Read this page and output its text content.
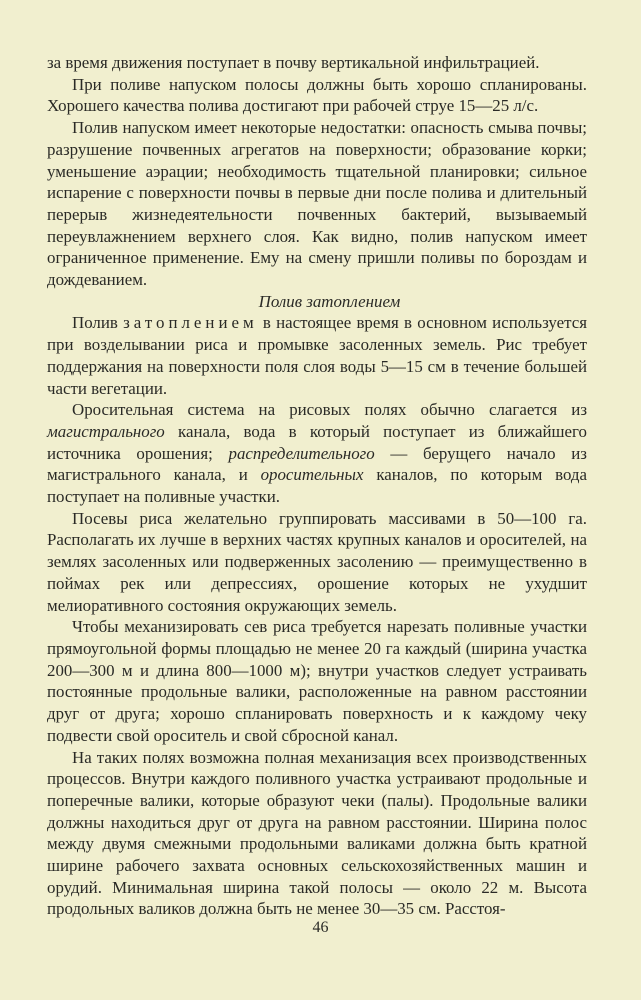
за время движения поступает в почву вертикальной инфильтрацией.

При поливе напуском полосы должны быть хорошо спланированы. Хорошего качества полива достигают при рабочей струе 15—25 л/с.

Полив напуском имеет некоторые недостатки: опасность смыва почвы; разрушение почвенных агрегатов на поверхности; образование корки; уменьшение аэрации; необходимость тщательной планировки; сильное испарение с поверхности почвы в первые дни после полива и длительный перерыв жизнедеятельности почвенных бактерий, вызываемый переувлажнением верхнего слоя. Как видно, полив напуском имеет ограниченное применение. Ему на смену пришли поливы по бороздам и дождеванием.

Полив затоплением

Полив затоплением в настоящее время в основном используется при возделывании риса и промывке засоленных земель. Рис требует поддержания на поверхности поля слоя воды 5—15 см в течение большей части вегетации.

Оросительная система на рисовых полях обычно слагается из магистрального канала, вода в который поступает из ближайшего источника орошения; распределительного — берущего начало из магистрального канала, и оросительных каналов, по которым вода поступает на поливные участки.

Посевы риса желательно группировать массивами в 50—100 га. Располагать их лучше в верхних частях крупных каналов и оросителей, на землях засоленных или подверженных засолению — преимущественно в поймах рек или депрессиях, орошение которых не ухудшит мелиоративного состояния окружающих земель.

Чтобы механизировать сев риса требуется нарезать поливные участки прямоугольной формы площадью не менее 20 га каждый (ширина участка 200—300 м и длина 800—1000 м); внутри участков следует устраивать постоянные продольные валики, расположенные на равном расстоянии друг от друга; хорошо спланировать поверхность и к каждому чеку подвести свой ороситель и свой сбросной канал.

На таких полях возможна полная механизация всех производственных процессов. Внутри каждого поливного участка устраивают продольные и поперечные валики, которые образуют чеки (палы). Продольные валики должны находиться друг от друга на равном расстоянии. Ширина полос между двумя смежными продольными валиками должна быть кратной ширине рабочего захвата основных сельскохозяйственных машин и орудий. Минимальная ширина такой полосы — около 22 м. Высота продольных валиков должна быть не менее 30—35 см. Расстоя-

46
